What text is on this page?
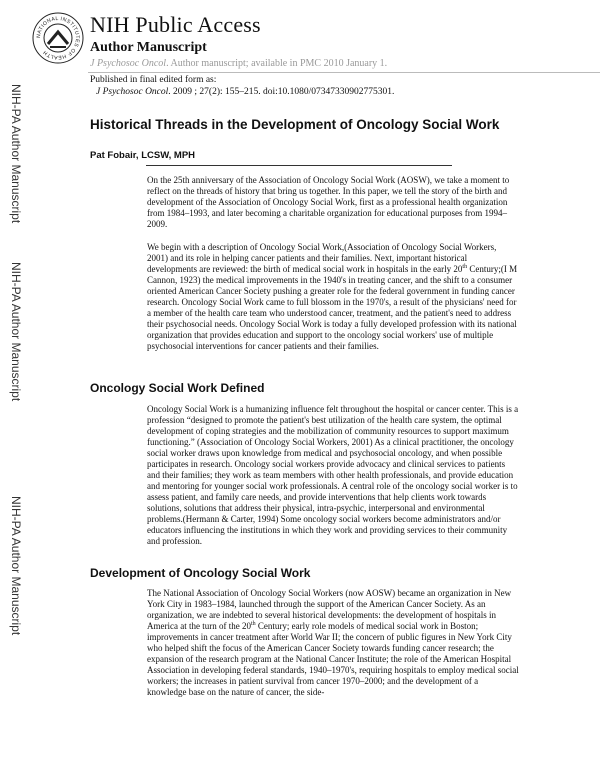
NATIONAL INSTITUTES OF HEALTH
NIH Public Access
Author Manuscript
J Psychosoc Oncol. Author manuscript; available in PMC 2010 January 1.
NIH-PA Author Manuscript
NIH-PA Author Manuscript
NIH-PA Author Manuscript
Published in final edited form as:
J Psychosoc Oncol. 2009 ; 27(2): 155–215. doi:10.1080/07347330902775301.
Historical Threads in the Development of Oncology Social Work
Pat Fobair, LCSW, MPH

On the 25th anniversary of the Association of Oncology Social Work (AOSW), we take a moment to reflect on the threads of history that bring us together. In this paper, we tell the story of the birth and development of the Association of Oncology Social Work, first as a professional health organization from 1984–1993, and later becoming a charitable organization for educational purposes from 1994–2009.

We begin with a description of Oncology Social Work,(Association of Oncology Social Workers, 2001) and its role in helping cancer patients and their families. Next, important historical developments are reviewed: the birth of medical social work in hospitals in the early 20th Century;(I M Cannon, 1923) the medical improvements in the 1940's in treating cancer, and the shift to a consumer oriented American Cancer Society pushing a greater role for the federal government in funding cancer research. Oncology Social Work came to full blossom in the 1970's, a result of the physicians' need for a member of the health care team who understood cancer, treatment, and the patient's need to address their psychosocial needs. Oncology Social Work is today a fully developed profession with its national organization that provides education and support to the oncology social workers' use of multiple psychosocial interventions for cancer patients and their families.

Oncology Social Work Defined

Oncology Social Work is a humanizing influence felt throughout the hospital or cancer center. This is a profession “designed to promote the patient's best utilization of the health care system, the optimal development of coping strategies and the mobilization of community resources to support maximum functioning.” (Association of Oncology Social Workers, 2001) As a clinical practitioner, the oncology social worker draws upon knowledge from medical and psychosocial oncology, and when possible participates in research. Oncology social workers provide advocacy and clinical services to patients and their families; they work as team members with other health professionals, and provide education and mentoring for younger social work professionals. A central role of the oncology social worker is to assess patient, and family care needs, and provide interventions that help clients work towards solutions, solutions that address their physical, intra-psychic, interpersonal and environmental problems.(Hermann & Carter, 1994) Some oncology social workers become administrators and/or educators influencing the institutions in which they work and providing services to their community and profession.

Development of Oncology Social Work

The National Association of Oncology Social Workers (now AOSW) became an organization in New York City in 1983–1984, launched through the support of the American Cancer Society. As an organization, we are indebted to several historical developments: the development of hospitals in America at the turn of the 20th Century; early role models of medical social work in Boston; improvements in cancer treatment after World War II; the concern of public figures in New York City who helped shift the focus of the American Cancer Society towards funding cancer research; the expansion of the research program at the National Cancer Institute; the role of the American Hospital Association in developing federal standards, 1940–1970's, requiring hospitals to employ medical social workers; the increases in patient survival from cancer 1970–2000; and the development of a knowledge base on the nature of cancer, the side-
